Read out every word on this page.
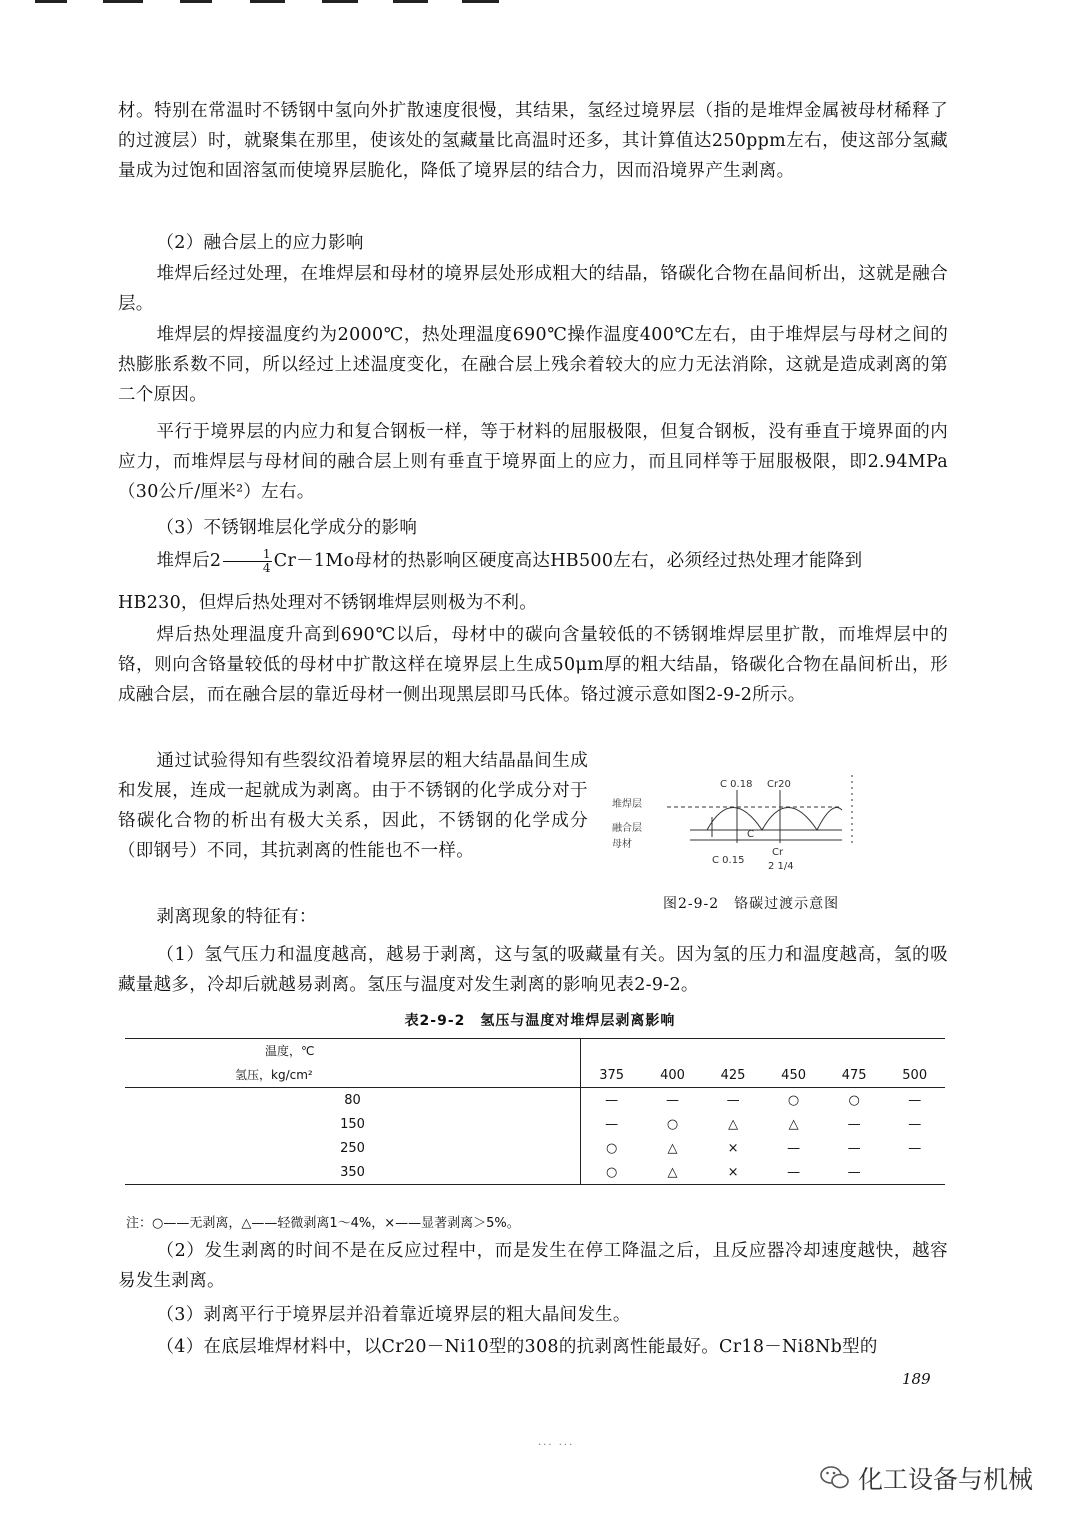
材。特别在常温时不锈钢中氢向外扩散速度很慢，其结果，氢经过境界层（指的是堆焊金属被母材稀释了的过渡层）时，就聚集在那里，使该处的氢藏量比高温时还多，其计算值达250ppm左右，使这部分氢藏量成为过饱和固溶氢而使境界层脆化，降低了境界层的结合力，因而沿境界产生剥离。

（2）融合层上的应力影响

堆焊后经过处理，在堆焊层和母材的境界层处形成粗大的结晶，铬碳化合物在晶间析出，这就是融合层。

堆焊层的焊接温度约为2000℃，热处理温度690℃操作温度400℃左右，由于堆焊层与母材之间的热膨胀系数不同，所以经过上述温度变化，在融合层上残余着较大的应力无法消除，这就是造成剥离的第二个原因。

平行于境界层的内应力和复合钢板一样，等于材料的屈服极限，但复合钢板，没有垂直于境界面的内应力，而堆焊层与母材间的融合层上则有垂直于境界面上的应力，而且同样等于屈服极限，即2.94MPa（30公斤/厘米²）左右。

（3）不锈钢堆层化学成分的影响

堆焊后$2 \frac{1}{4} Cr-1Mo$母材的热影响区硬度高达HB500左右，必须经过热处理才能降到

HB230，但焊后热处理对不锈钢堆焊层则极为不利。

焊后热处理温度升高到690℃以后，母材中的碳向含量较低的不锈钢堆焊层里扩散，而堆焊层中的铬，则向含铬量较低的母材中扩散这样在境界层上生成50μm厚的粗大结晶，铬碳化合物在晶间析出，形成融合层，而在融合层的靠近母材一侧出现黑层即马氏体。铬过渡示意如图2-9-2所示。

通过试验得知有些裂纹沿着境界层的粗大结晶晶间生成和发展，连成一起就成为剥离。由于不锈钢的化学成分对于铬碳化合物的析出有极大关系，因此，不锈钢的化学成分（即钢号）不同，其抗剥离的性能也不一样。

堆焊层
融合层
母材
C 0.18 Cr20
C
C 0.15
Cr
2 1/4
图2-9-2　铬碳过渡示意图

剥离现象的特征有：

（1）氢气压力和温度越高，越易于剥离，这与氢的吸藏量有关。因为氢的压力和温度越高，氢的吸藏量越多，冷却后就越易剥离。氢压与温度对发生剥离的影响见表2-9-2。

表2-9-2　氢压与温度对堆焊层剥离影响
温度，℃
氢压，kg/cm²	375	400	425	450	475	500
80	—	—	—	○	○	—
150	—	○	△	△	—	—
250	○	△	×	—	—	—
350	○	△	×	—	—	
注：○——无剥离，△——轻微剥离1～4%，×——显著剥离＞5%。

（2）发生剥离的时间不是在反应过程中，而是发生在停工降温之后，且反应器冷却速度越快，越容易发生剥离。

（3）剥离平行于境界层并沿着靠近境界层的粗大晶间发生。

（4）在底层堆焊材料中，以Cr20－Ni10型的308的抗剥离性能最好。Cr18－Ni8Nb型的

189
··· ···
化工设备与机械
